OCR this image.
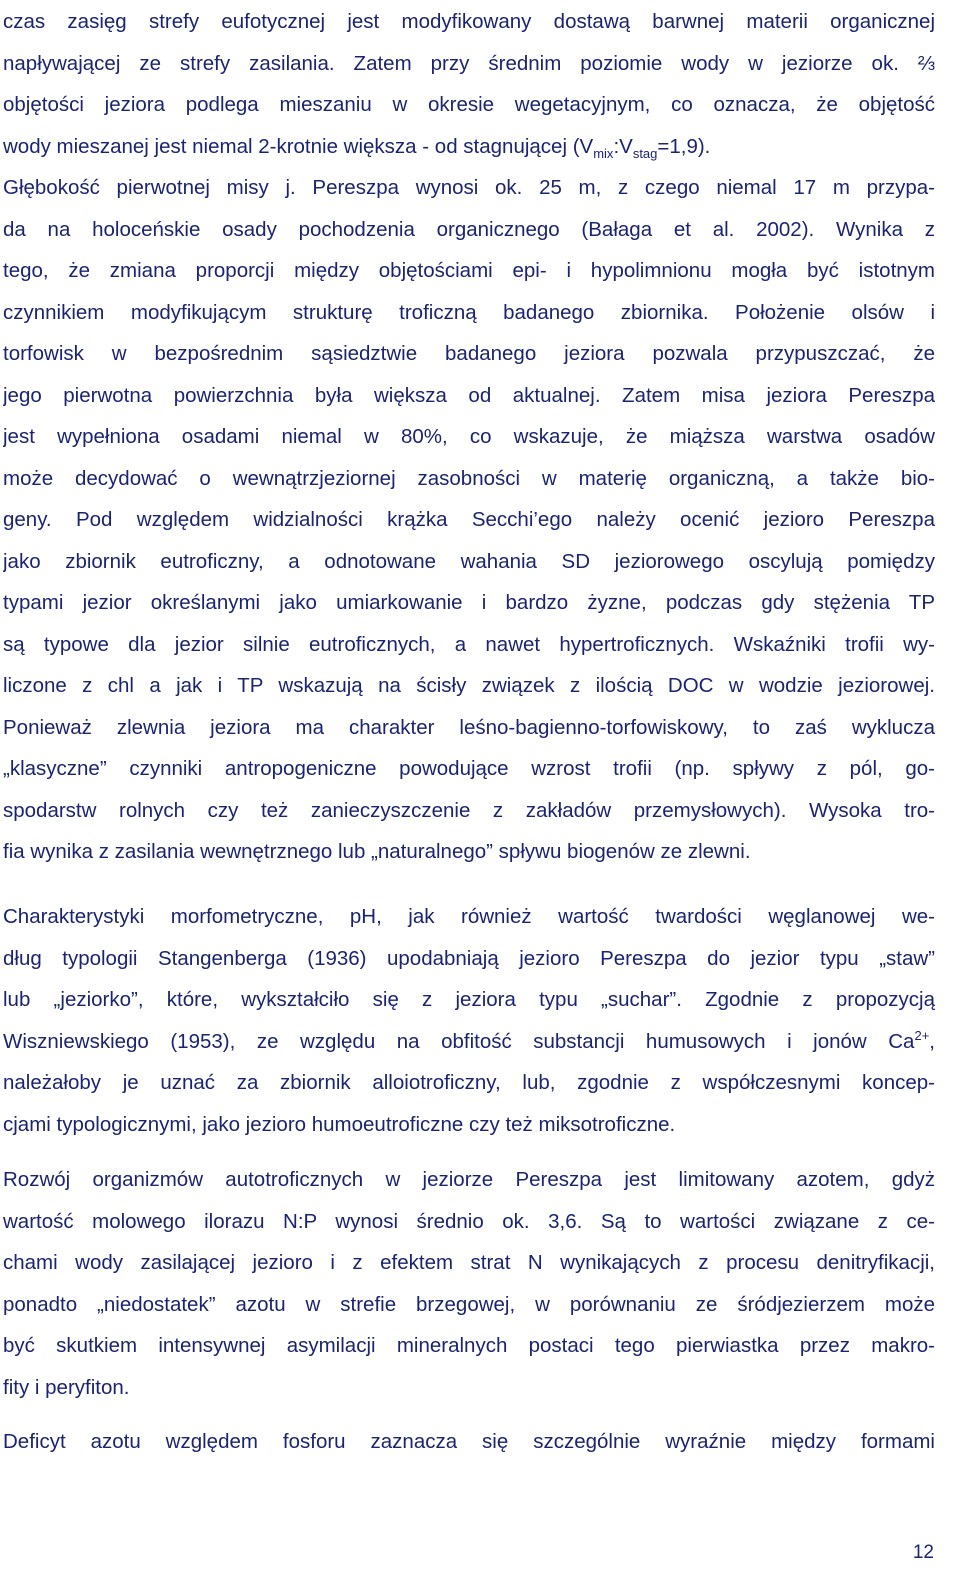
czas zasięg strefy eufotycznej jest modyfikowany dostawą barwnej materii organicznej
napływającej ze strefy zasilania. Zatem przy średnim poziomie wody w jeziorze ok. ⅔
objętości jeziora podlega mieszaniu w okresie wegetacyjnym, co oznacza, że objętość
wody mieszanej jest niemal 2-krotnie większa - od stagnującej $(V_{mix}:V_{stag}=1,9)$.
Głębokość pierwotnej misy j. Pereszpa wynosi ok. 25 m, z czego niemal 17 m przypa-
da na holoceńskie osady pochodzenia organicznego (Bałaga et al. 2002). Wynika z
tego, że zmiana proporcji między objętościami epi- i hypolimnionu mogła być istotnym
czynnikiem modyfikującym strukturę troficzną badanego zbiornika. Położenie olsów i
torfowisk w bezpośrednim sąsiedztwie badanego jeziora pozwala przypuszczać, że
jego pierwotna powierzchnia była większa od aktualnej. Zatem misa jeziora Pereszpa
jest wypełniona osadami niemal w 80%, co wskazuje, że miąższa warstwa osadów
może decydować o wewnątrzjeziornej zasobności w materię organiczną, a także bio-
geny. Pod względem widzialności krążka Secchi’ego należy ocenić jezioro Pereszpa
jako zbiornik eutroficzny, a odnotowane wahania SD jeziorowego oscylują pomiędzy
typami jezior określanymi jako umiarkowanie i bardzo żyzne, podczas gdy stężenia TP
są typowe dla jezior silnie eutroficznych, a nawet hypertroficznych. Wskaźniki trofii wy-
liczone z chl a jak i TP wskazują na ścisły związek z ilością DOC w wodzie jeziorowej.
Ponieważ zlewnia jeziora ma charakter leśno-bagienno-torfowiskowy, to zaś wyklucza
„klasyczne” czynniki antropogeniczne powodujące wzrost trofii (np. spływy z pól, go-
spodarstw rolnych czy też zanieczyszczenie z zakładów przemysłowych). Wysoka tro-
fia wynika z zasilania wewnętrznego lub „naturalnego” spływu biogenów ze zlewni.
Charakterystyki morfometryczne, pH, jak również wartość twardości węglanowej we-
dług typologii Stangenberga (1936) upodabniają jezioro Pereszpa do jezior typu „staw”
lub „jeziorko”, które, wykształciło się z jeziora typu „suchar”. Zgodnie z propozycją
Wiszniewskiego (1953), ze względu na obfitość substancji humusowych i jonów $Ca^{2+}$,
należałoby je uznać za zbiornik alloiotroficzny, lub, zgodnie z współczesnymi koncep-
cjami typologicznymi, jako jezioro humoeutroficzne czy też miksotroficzne.
Rozwój organizmów autotroficznych w jeziorze Pereszpa jest limitowany azotem, gdyż
wartość molowego ilorazu N:P wynosi średnio ok. 3,6. Są to wartości związane z ce-
chami wody zasilającej jezioro i z efektem strat N wynikających z procesu denitryfikacji,
ponadto „niedostatek” azotu w strefie brzegowej, w porównaniu ze śródjezierzem może
być skutkiem intensywnej asymilacji mineralnych postaci tego pierwiastka przez makro-
fity i peryfiton.
Deficyt azotu względem fosforu zaznacza się szczególnie wyraźnie między formami
12
